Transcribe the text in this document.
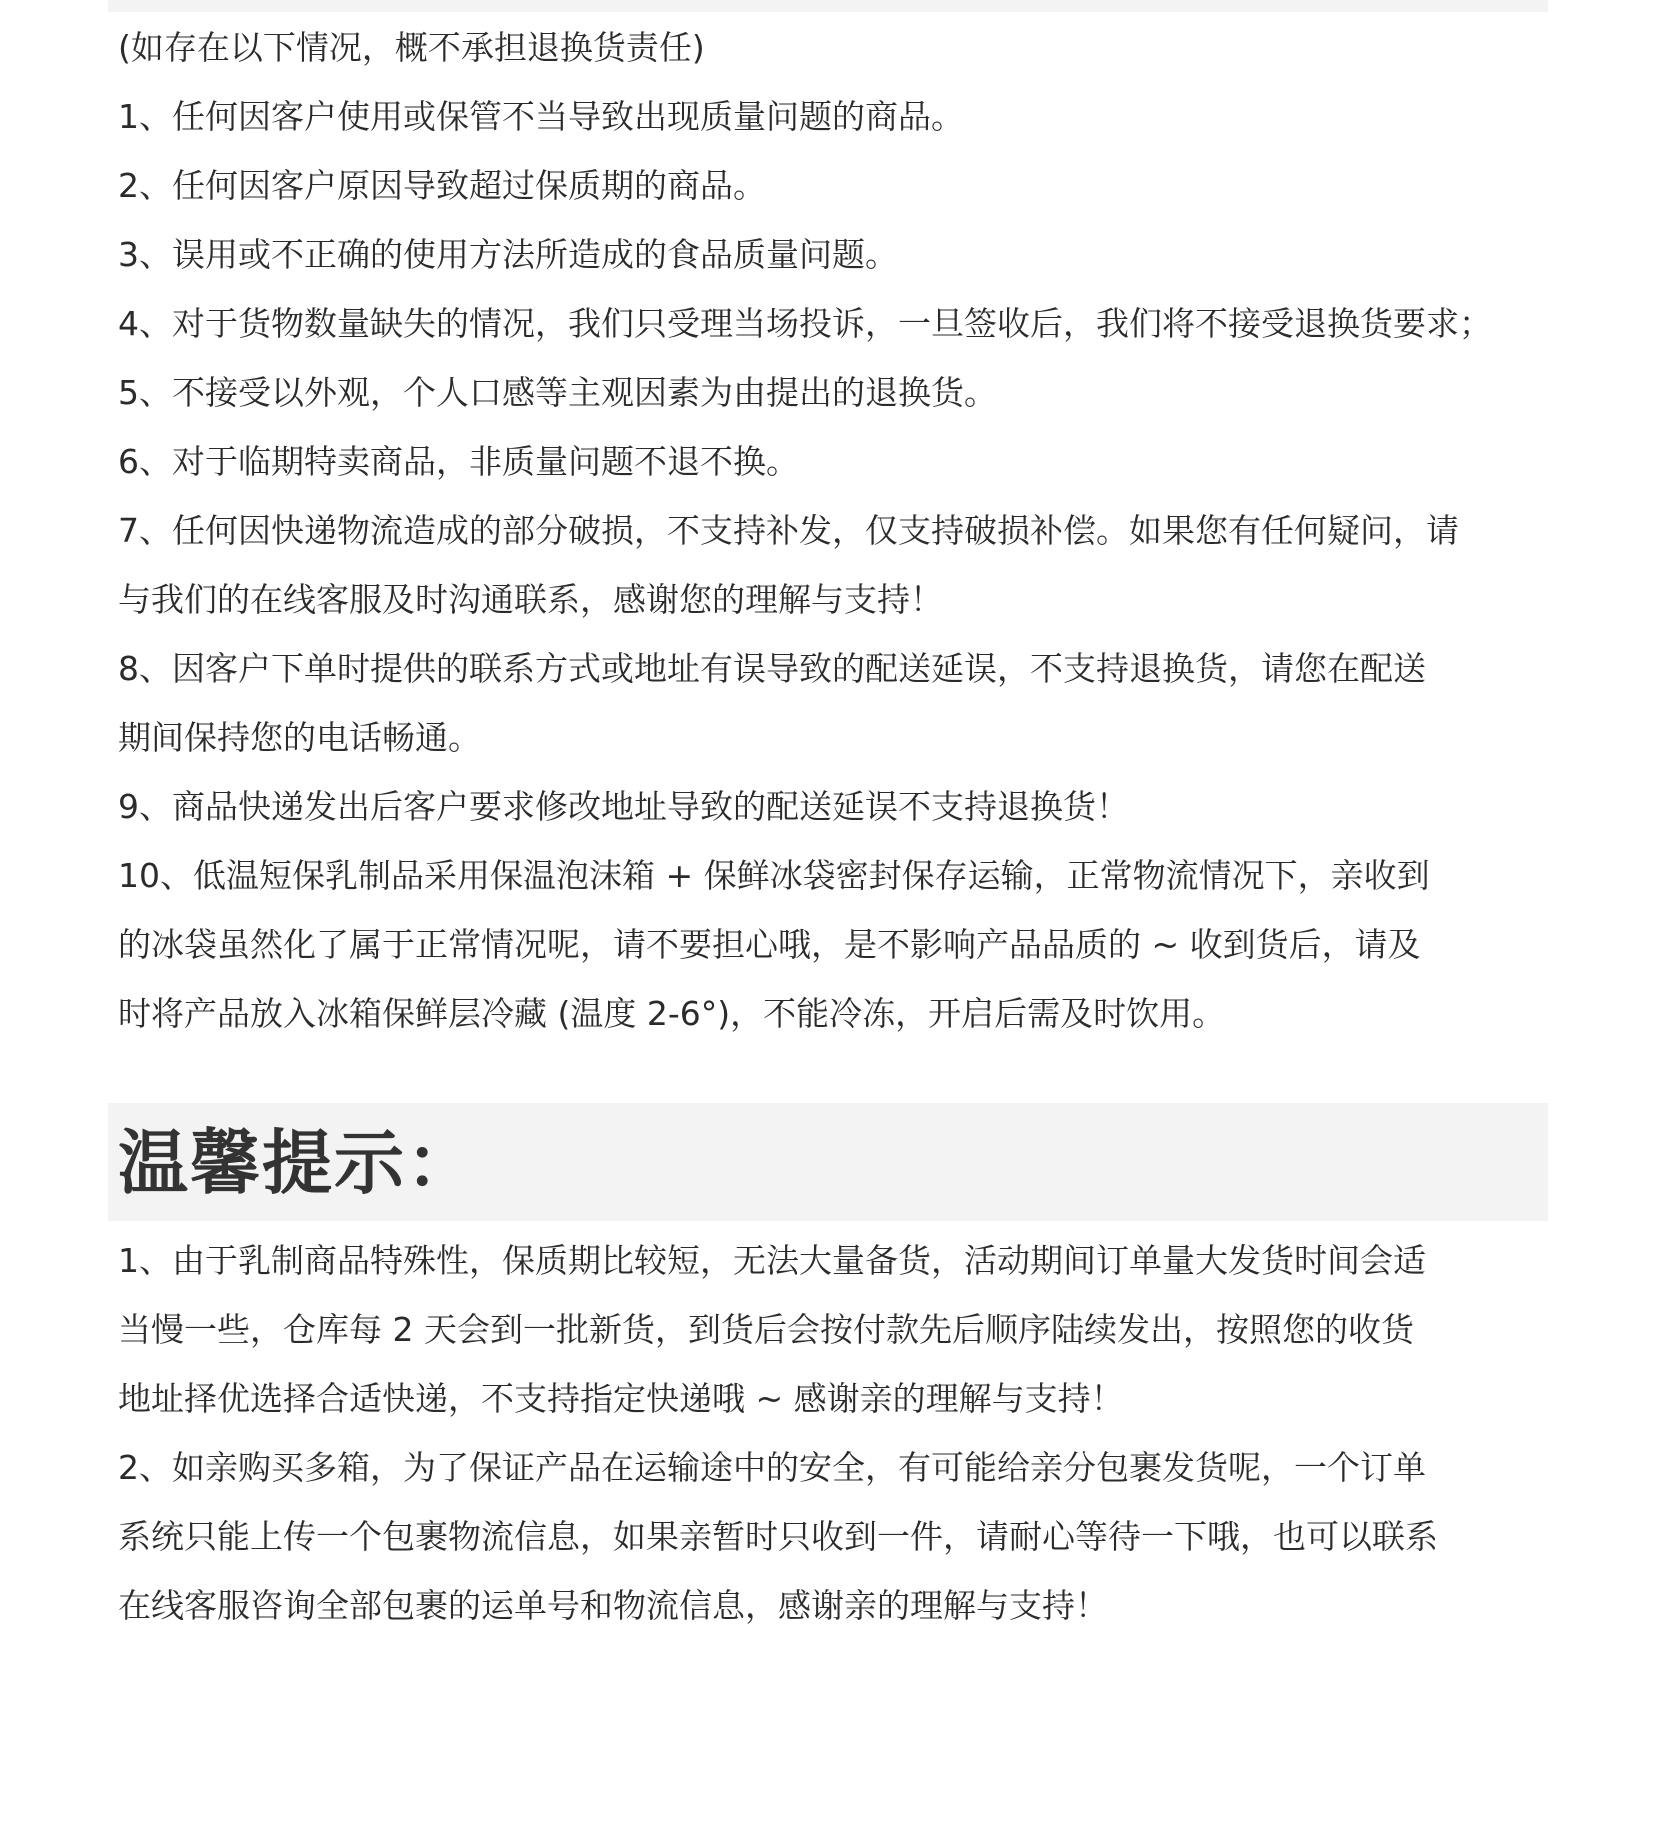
(如存在以下情况，概不承担退换货责任)

1、任何因客户使用或保管不当导致出现质量问题的商品。

2、任何因客户原因导致超过保质期的商品。

3、误用或不正确的使用方法所造成的食品质量问题。

4、对于货物数量缺失的情况，我们只受理当场投诉，一旦签收后，我们将不接受退换货要求；

5、不接受以外观，个人口感等主观因素为由提出的退换货。

6、对于临期特卖商品，非质量问题不退不换。

7、任何因快递物流造成的部分破损，不支持补发，仅支持破损补偿。如果您有任何疑问，请

与我们的在线客服及时沟通联系，感谢您的理解与支持！

8、因客户下单时提供的联系方式或地址有误导致的配送延误，不支持退换货，请您在配送

期间保持您的电话畅通。

9、商品快递发出后客户要求修改地址导致的配送延误不支持退换货！

10、低温短保乳制品采用保温泡沫箱 + 保鲜冰袋密封保存运输，正常物流情况下，亲收到

的冰袋虽然化了属于正常情况呢，请不要担心哦，是不影响产品品质的 ~ 收到货后，请及

时将产品放入冰箱保鲜层冷藏 (温度 2-6°)，不能冷冻，开启后需及时饮用。

温馨提示：

1、由于乳制商品特殊性，保质期比较短，无法大量备货，活动期间订单量大发货时间会适

当慢一些，仓库每 2 天会到一批新货，到货后会按付款先后顺序陆续发出，按照您的收货

地址择优选择合适快递，不支持指定快递哦 ~ 感谢亲的理解与支持！

2、如亲购买多箱，为了保证产品在运输途中的安全，有可能给亲分包裹发货呢，一个订单

系统只能上传一个包裹物流信息，如果亲暂时只收到一件，请耐心等待一下哦，也可以联系

在线客服咨询全部包裹的运单号和物流信息，感谢亲的理解与支持！
